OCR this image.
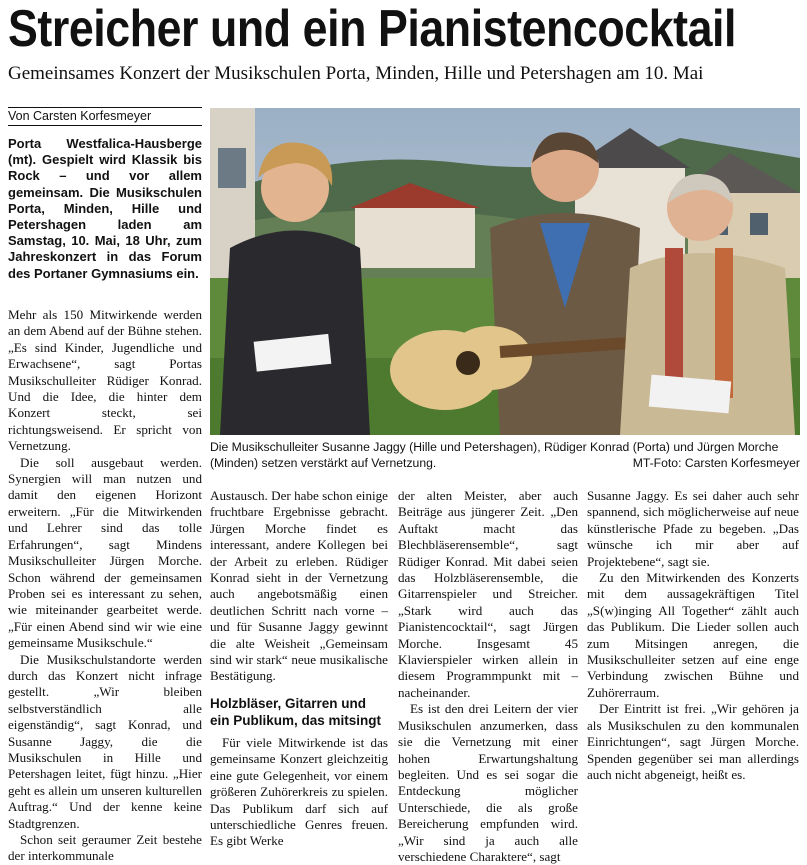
Streicher und ein Pianistencocktail
Gemeinsames Konzert der Musikschulen Porta, Minden, Hille und Petershagen am 10. Mai
Von Carsten Korfesmeyer
Porta Westfalica-Hausberge (mt). Gespielt wird Klassik bis Rock – und vor allem gemeinsam. Die Musikschulen Porta, Minden, Hille und Petershagen laden am Samstag, 10. Mai, 18 Uhr, zum Jahreskonzert in das Forum des Portaner Gymnasiums ein.
Die Musikschulleiter Susanne Jaggy (Hille und Petershagen), Rüdiger Konrad (Porta) und Jürgen Morche (Minden) setzen verstärkt auf Vernetzung.	MT-Foto: Carsten Korfesmeyer

Mehr als 150 Mitwirkende werden an dem Abend auf der Bühne stehen. „Es sind Kinder, Jugendliche und Erwachsene“, sagt Portas Musikschulleiter Rüdiger Konrad. Und die Idee, die hinter dem Konzert steckt, sei richtungsweisend. Er spricht von Vernetzung.

Die soll ausgebaut werden. Synergien will man nutzen und damit den eigenen Horizont erweitern. „Für die Mitwirkenden und Lehrer sind das tolle Erfahrungen“, sagt Mindens Musikschulleiter Jürgen Morche. Schon während der gemeinsamen Proben sei es interessant zu sehen, wie miteinander gearbeitet werde. „Für einen Abend sind wir wie eine gemeinsame Musikschule.“

Die Musikschulstandorte werden durch das Konzert nicht infrage gestellt. „Wir bleiben selbstverständlich alle eigenständig“, sagt Konrad, und Susanne Jaggy, die die Musikschulen in Hille und Petershagen leitet, fügt hinzu. „Hier geht es allein um unseren kulturellen Auftrag.“ Und der kenne keine Stadtgrenzen.

Schon seit geraumer Zeit bestehe der interkommunale

Austausch. Der habe schon einige fruchtbare Ergebnisse gebracht. Jürgen Morche findet es interessant, andere Kollegen bei der Arbeit zu erleben. Rüdiger Konrad sieht in der Vernetzung auch angebotsmäßig einen deutlichen Schritt nach vorne – und für Susanne Jaggy gewinnt die alte Weisheit „Gemeinsam sind wir stark“ neue musikalische Bestätigung.

Holzbläser, Gitarren und ein Publikum, das mitsingt

Für viele Mitwirkende ist das gemeinsame Konzert gleichzeitig eine gute Gelegenheit, vor einem größeren Zuhörerkreis zu spielen. Das Publikum darf sich auf unterschiedliche Genres freuen. Es gibt Werke

der alten Meister, aber auch Beiträge aus jüngerer Zeit. „Den Auftakt macht das Blechbläserensemble“, sagt Rüdiger Konrad. Mit dabei seien das Holzbläserensemble, die Gitarrenspieler und Streicher. „Stark wird auch das Pianistencocktail“, sagt Jürgen Morche. Insgesamt 45 Klavierspieler wirken allein in diesem Programmpunkt mit – nacheinander.

Es ist den drei Leitern der vier Musikschulen anzumerken, dass sie die Vernetzung mit einer hohen Erwartungshaltung begleiten. Und es sei sogar die Entdeckung möglicher Unterschiede, die als große Bereicherung empfunden wird. „Wir sind ja auch alle verschiedene Charaktere“, sagt

Susanne Jaggy. Es sei daher auch sehr spannend, sich möglicherweise auf neue künstlerische Pfade zu begeben. „Das wünsche ich mir aber auf Projektebene“, sagt sie.

Zu den Mitwirkenden des Konzerts mit dem aussagekräftigen Titel „S(w)inging All Together“ zählt auch das Publikum. Die Lieder sollen auch zum Mitsingen anregen, die Musikschulleiter setzen auf eine enge Verbindung zwischen Bühne und Zuhörerraum.

Der Eintritt ist frei. „Wir gehören ja als Musikschulen zu den kommunalen Einrichtungen“, sagt Jürgen Morche. Spenden gegenüber sei man allerdings auch nicht abgeneigt, heißt es.
